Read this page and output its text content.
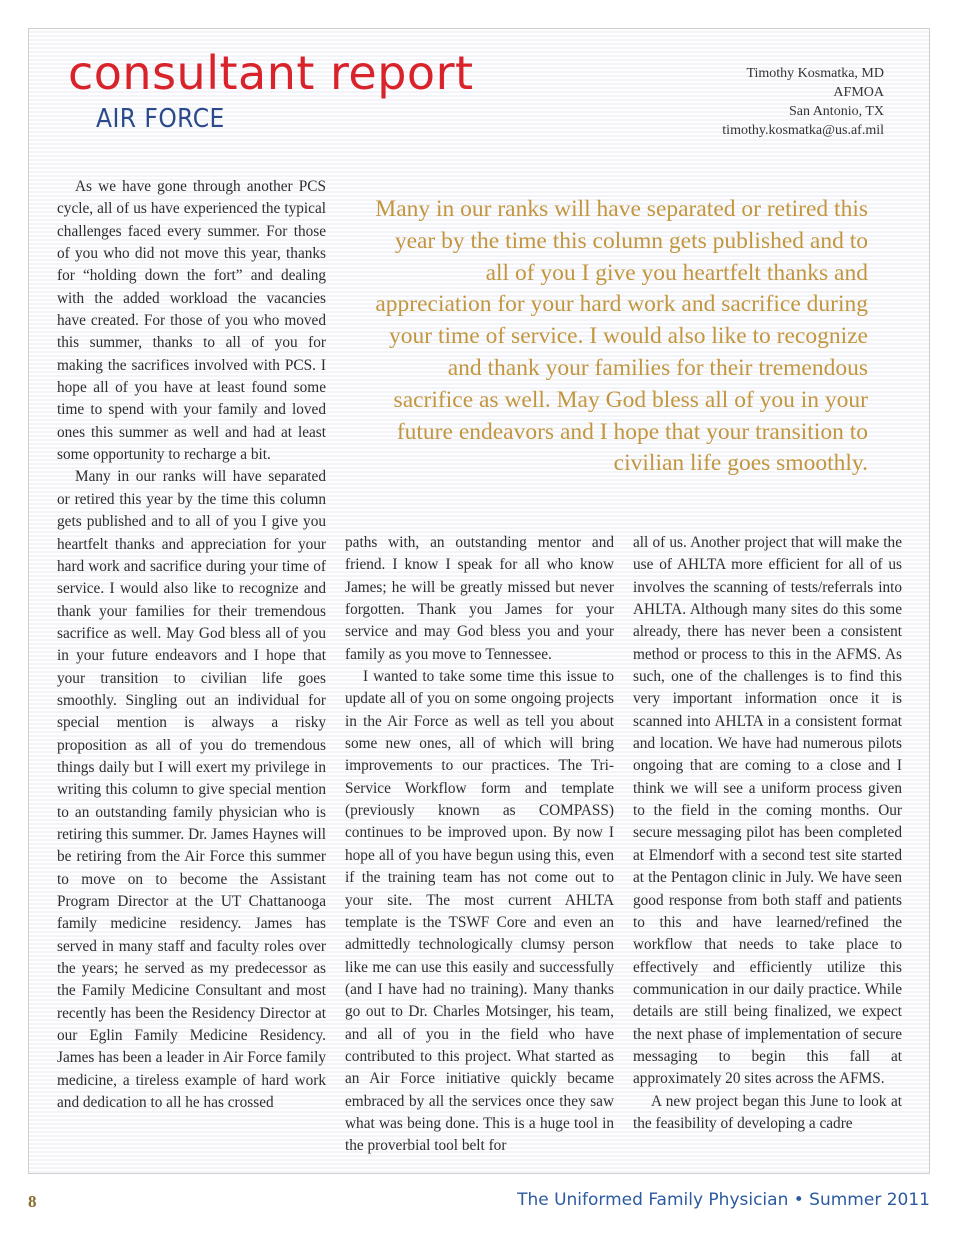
consultant report
AIR FORCE
Timothy Kosmatka, MD
AFMOA
San Antonio, TX
timothy.kosmatka@us.af.mil

Many in our ranks will have separated or retired this year by the time this column gets published and to all of you I give you heartfelt thanks and appreciation for your hard work and sacrifice during your time of service. I would also like to recognize and thank your families for their tremendous sacrifice as well. May God bless all of you in your future endeavors and I hope that your transition to civilian life goes smoothly.

As we have gone through another PCS cycle, all of us have experienced the typical challenges faced every summer. For those of you who did not move this year, thanks for “holding down the fort” and dealing with the added workload the vacancies have created. For those of you who moved this summer, thanks to all of you for making the sacrifices involved with PCS. I hope all of you have at least found some time to spend with your family and loved ones this summer as well and had at least some opportunity to recharge a bit.

Many in our ranks will have separated or retired this year by the time this column gets published and to all of you I give you heartfelt thanks and appreciation for your hard work and sacrifice during your time of service. I would also like to recognize and thank your families for their tremendous sacrifice as well. May God bless all of you in your future endeavors and I hope that your transition to civilian life goes smoothly. Singling out an individual for special mention is always a risky proposition as all of you do tremendous things daily but I will exert my privilege in writing this column to give special mention to an outstanding family physician who is retiring this summer. Dr. James Haynes will be retiring from the Air Force this summer to move on to become the Assistant Program Director at the UT Chattanooga family medicine residency. James has served in many staff and faculty roles over the years; he served as my predecessor as the Family Medicine Consultant and most recently has been the Residency Director at our Eglin Family Medicine Residency. James has been a leader in Air Force family medicine, a tireless example of hard work and dedication to all he has crossed

paths with, an outstanding mentor and friend. I know I speak for all who know James; he will be greatly missed but never forgotten. Thank you James for your service and may God bless you and your family as you move to Tennessee.

I wanted to take some time this issue to update all of you on some ongoing projects in the Air Force as well as tell you about some new ones, all of which will bring improvements to our practices. The Tri-Service Workflow form and template (previously known as COMPASS) continues to be improved upon. By now I hope all of you have begun using this, even if the training team has not come out to your site. The most current AHLTA template is the TSWF Core and even an admittedly technologically clumsy person like me can use this easily and successfully (and I have had no training). Many thanks go out to Dr. Charles Motsinger, his team, and all of you in the field who have contributed to this project. What started as an Air Force initiative quickly became embraced by all the services once they saw what was being done. This is a huge tool in the proverbial tool belt for

all of us. Another project that will make the use of AHLTA more efficient for all of us involves the scanning of tests/referrals into AHLTA. Although many sites do this some already, there has never been a consistent method or process to this in the AFMS. As such, one of the challenges is to find this very important information once it is scanned into AHLTA in a consistent format and location. We have had numerous pilots ongoing that are coming to a close and I think we will see a uniform process given to the field in the coming months. Our secure messaging pilot has been completed at Elmendorf with a second test site started at the Pentagon clinic in July. We have seen good response from both staff and patients to this and have learned/refined the workflow that needs to take place to effectively and efficiently utilize this communication in our daily practice. While details are still being finalized, we expect the next phase of implementation of secure messaging to begin this fall at approximately 20 sites across the AFMS.

A new project began this June to look at the feasibility of developing a cadre

8	The Uniformed Family Physician • Summer 2011
